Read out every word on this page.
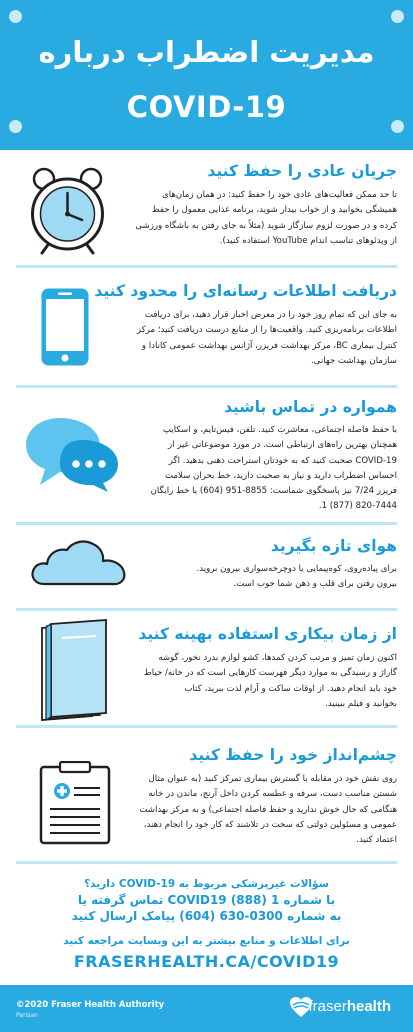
مدیریت اضطراب درباره
COVID-19
جریان عادی را حفظ کنید
تا حد ممکن فعالیت‌های عادی خود را حفظ کنید: در همان زمان‌های
همیشگی بخوابید و از خواب بیدار شوید، برنامه غذایی معمول را حفظ
کرده و در صورت لزوم سازگار شوید (مثلاً به جای رفتن به باشگاه ورزشی
از ویدئوهای تناسب اندام YouTube استفاده کنید).
دریافت اطلاعات رسانه‌ای را محدود کنید
به جای این که تمام روز خود را در معرض اخبار قرار دهید، برای دریافت
اطلاعات برنامه‌ریزی کنید. واقعیت‌ها را از منابع درست دریافت کنید؛ مرکز
کنترل بیماری BC، مرکز بهداشت فریزر، آژانس بهداشت عمومی کانادا و
سازمان بهداشت جهانی.
همواره در تماس باشید
با حفظ فاصله اجتماعی، معاشرت کنید. تلفن، فیس‌تایم، و اسکایپ
همچنان بهترین راه‌های ارتباطی است. در مورد موضوعاتی غیر از
COVID-19 صحبت کنید که به خودتان استراحت ذهنی بدهید. اگر
احساس اضطراب دارید و نیاز به صحبت دارید، خط بحران سلامت
فریزر 7/24 نیز پاسخگوی شماست: 8855-951 (604) یا خط رایگان
820-7444 (877) 1.
هوای تازه بگیرید
برای پیاده‌روی، کوه‌پیمایی یا دوچرخه‌سواری بیرون بروید.
بیرون رفتن برای قلب و ذهن شما خوب است.
از زمان بیکاری استفاده بهینه کنید
اکنون زمان تمیز و مرتب کردن کمدها، کشو لوازم بدرد نخور، گوشه
گاراژ و رسیدگی به موارد دیگر فهرست کارهایی است که در خانه/ حیاط
خود باید انجام دهید. از اوقات ساکت و آرام لذت ببرید، کتاب
بخوانید و فیلم ببینید.
چشم‌انداز خود را حفظ کنید
روی نقش خود در مقابله با گسترش بیماری تمرکز کنید (به عنوان مثال
شستن مناسب دست، سرفه و عطسه کردن داخل آرنج، ماندن در خانه
هنگامی که حال خوش ندارید و حفظ فاصله اجتماعی) و به مرکز بهداشت
عمومی و مسئولین دولتی که سخت در تلاشند که کار خود را انجام دهند،
اعتماد کنید.
سؤالات غیرپزشکی مربوط به COVID-19 دارید؟
با شماره COVID19 (888) 1 تماس گرفته یا
به شماره 0300-630 (604) پیامک ارسال کنید
برای اطلاعات و منابع بیشتر به این وبسایت مراجعه کنید
FRASERHEALTH.CA/COVID19
©2020 Fraser Health Authority
Persian
fraserhealth
